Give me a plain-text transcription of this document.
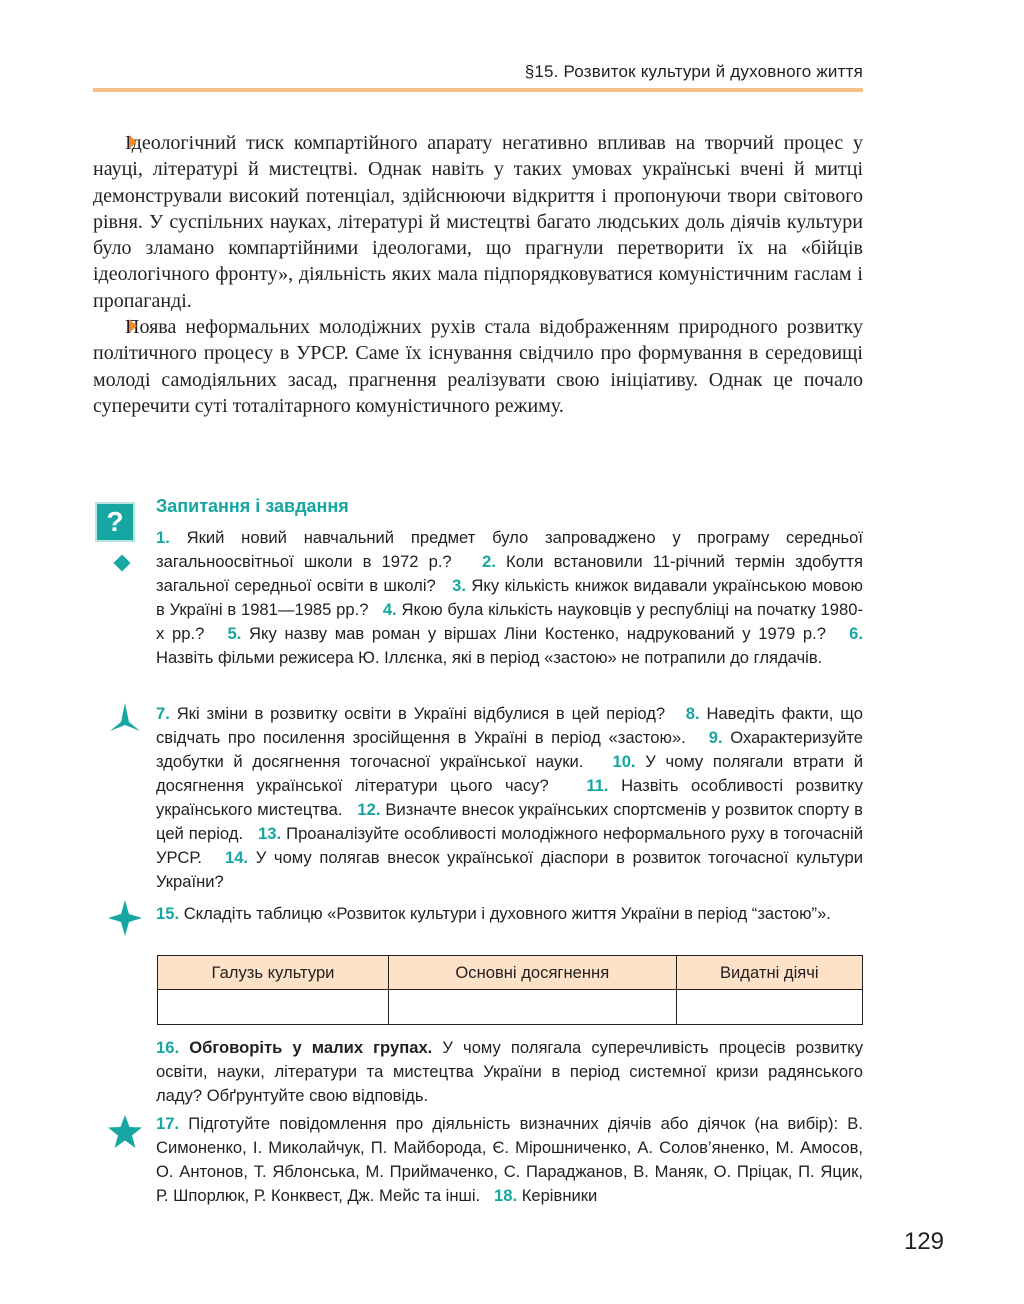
§15. Розвиток культури й духовного життя

Ідеологічний тиск компартійного апарату негативно впливав на творчий процес у науці, літературі й мистецтві. Однак навіть у таких умовах українські вчені й митці демонстрували високий потенціал, здійснюючи відкриття і пропонуючи твори світового рівня. У суспільних науках, літературі й мистецтві багато людських доль діячів культури було зламано компартійними ідеологами, що прагнули перетворити їх на «бійців ідеологічного фронту», діяльність яких мала підпорядковуватися комуністичним гаслам і пропаганді.

Поява неформальних молодіжних рухів стала відображенням природного розвитку політичного процесу в УРСР. Саме їх існування свідчило про формування в середовищі молоді самодіяльних засад, прагнення реалізувати свою ініціативу. Однак це почало суперечити суті тоталітарного комуністичного режиму.

?	Запитання і завдання

1. Який новий навчальний предмет було запроваджено у програму середньої загальноосвітньої школи в 1972 р.? 2. Коли встановили 11-річний термін здобуття загальної середньої освіти в школі? 3. Яку кількість книжок видавали українською мовою в Україні в 1981—1985 рр.? 4. Якою була кількість науковців у республіці на початку 1980-х рр.? 5. Яку назву мав роман у віршах Ліни Костенко, надрукований у 1979 р.? 6. Назвіть фільми режисера Ю. Іллєнка, які в період «застою» не потрапили до глядачів.

7. Які зміни в розвитку освіти в Україні відбулися в цей період? 8. Наведіть факти, що свідчать про посилення зросійщення в Україні в період «застою». 9. Охарактеризуйте здобутки й досягнення тогочасної української науки. 10. У чому полягали втрати й досягнення української літератури цього часу? 11. Назвіть особливості розвитку українського мистецтва. 12. Визначте внесок українських спортсменів у розвиток спорту в цей період. 13. Проаналізуйте особливості молодіжного неформального руху в тогочасній УРСР. 14. У чому полягав внесок української діаспори в розвиток тогочасної культури України?

15. Складіть таблицю «Розвиток культури і духовного життя України в період “застою”».

Галузь культури	Основні досягнення	Видатні діячі

16. Обговоріть у малих групах. У чому полягала суперечливість процесів розвитку освіти, науки, літератури та мистецтва України в період системної кризи радянського ладу? Обґрунтуйте свою відповідь.

17. Підготуйте повідомлення про діяльність визначних діячів або діячок (на вибір): В. Симоненко, І. Миколайчук, П. Майборода, Є. Мірошниченко, А. Солов’яненко, М. Амосов, О. Антонов, Т. Яблонська, М. Приймаченко, С. Параджанов, В. Маняк, О. Пріцак, П. Яцик, Р. Шпорлюк, Р. Конквест, Дж. Мейс та інші. 18. Керівники

129
